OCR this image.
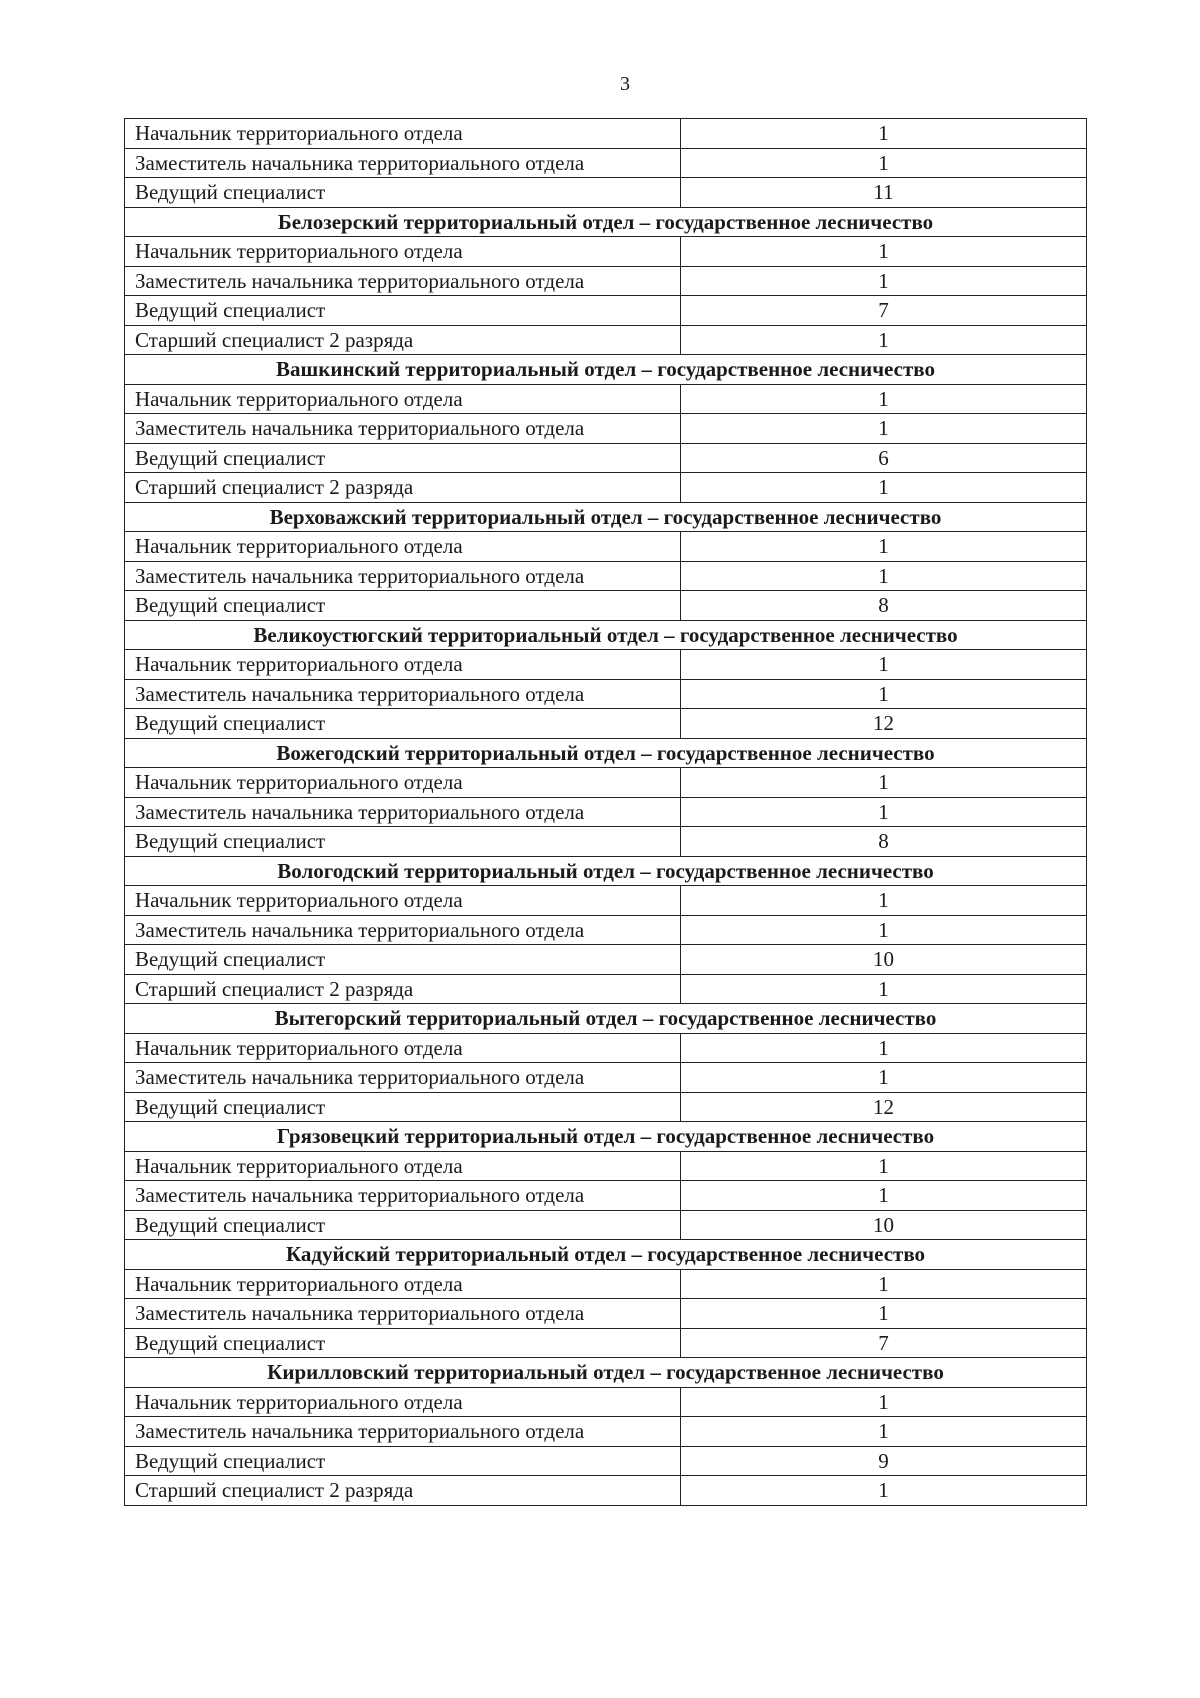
3
Начальник территориального отдела	1
Заместитель начальника территориального отдела	1
Ведущий специалист	11
Белозерский территориальный отдел – государственное лесничество	
Начальник территориального отдела	1
Заместитель начальника территориального отдела	1
Ведущий специалист	7
Старший специалист 2 разряда	1
Вашкинский территориальный отдел – государственное лесничество	
Начальник территориального отдела	1
Заместитель начальника территориального отдела	1
Ведущий специалист	6
Старший специалист 2 разряда	1
Верховажский территориальный отдел – государственное лесничество	
Начальник территориального отдела	1
Заместитель начальника территориального отдела	1
Ведущий специалист	8
Великоустюгский территориальный отдел – государственное лесничество	
Начальник территориального отдела	1
Заместитель начальника территориального отдела	1
Ведущий специалист	12
Вожегодский территориальный отдел – государственное лесничество	
Начальник территориального отдела	1
Заместитель начальника территориального отдела	1
Ведущий специалист	8
Вологодский территориальный отдел – государственное лесничество	
Начальник территориального отдела	1
Заместитель начальника территориального отдела	1
Ведущий специалист	10
Старший специалист 2 разряда	1
Вытегорский территориальный отдел – государственное лесничество	
Начальник территориального отдела	1
Заместитель начальника территориального отдела	1
Ведущий специалист	12
Грязовецкий территориальный отдел – государственное лесничество	
Начальник территориального отдела	1
Заместитель начальника территориального отдела	1
Ведущий специалист	10
Кадуйский территориальный отдел – государственное лесничество	
Начальник территориального отдела	1
Заместитель начальника территориального отдела	1
Ведущий специалист	7
Кирилловский территориальный отдел – государственное лесничество	
Начальник территориального отдела	1
Заместитель начальника территориального отдела	1
Ведущий специалист	9
Старший специалист 2 разряда	1
